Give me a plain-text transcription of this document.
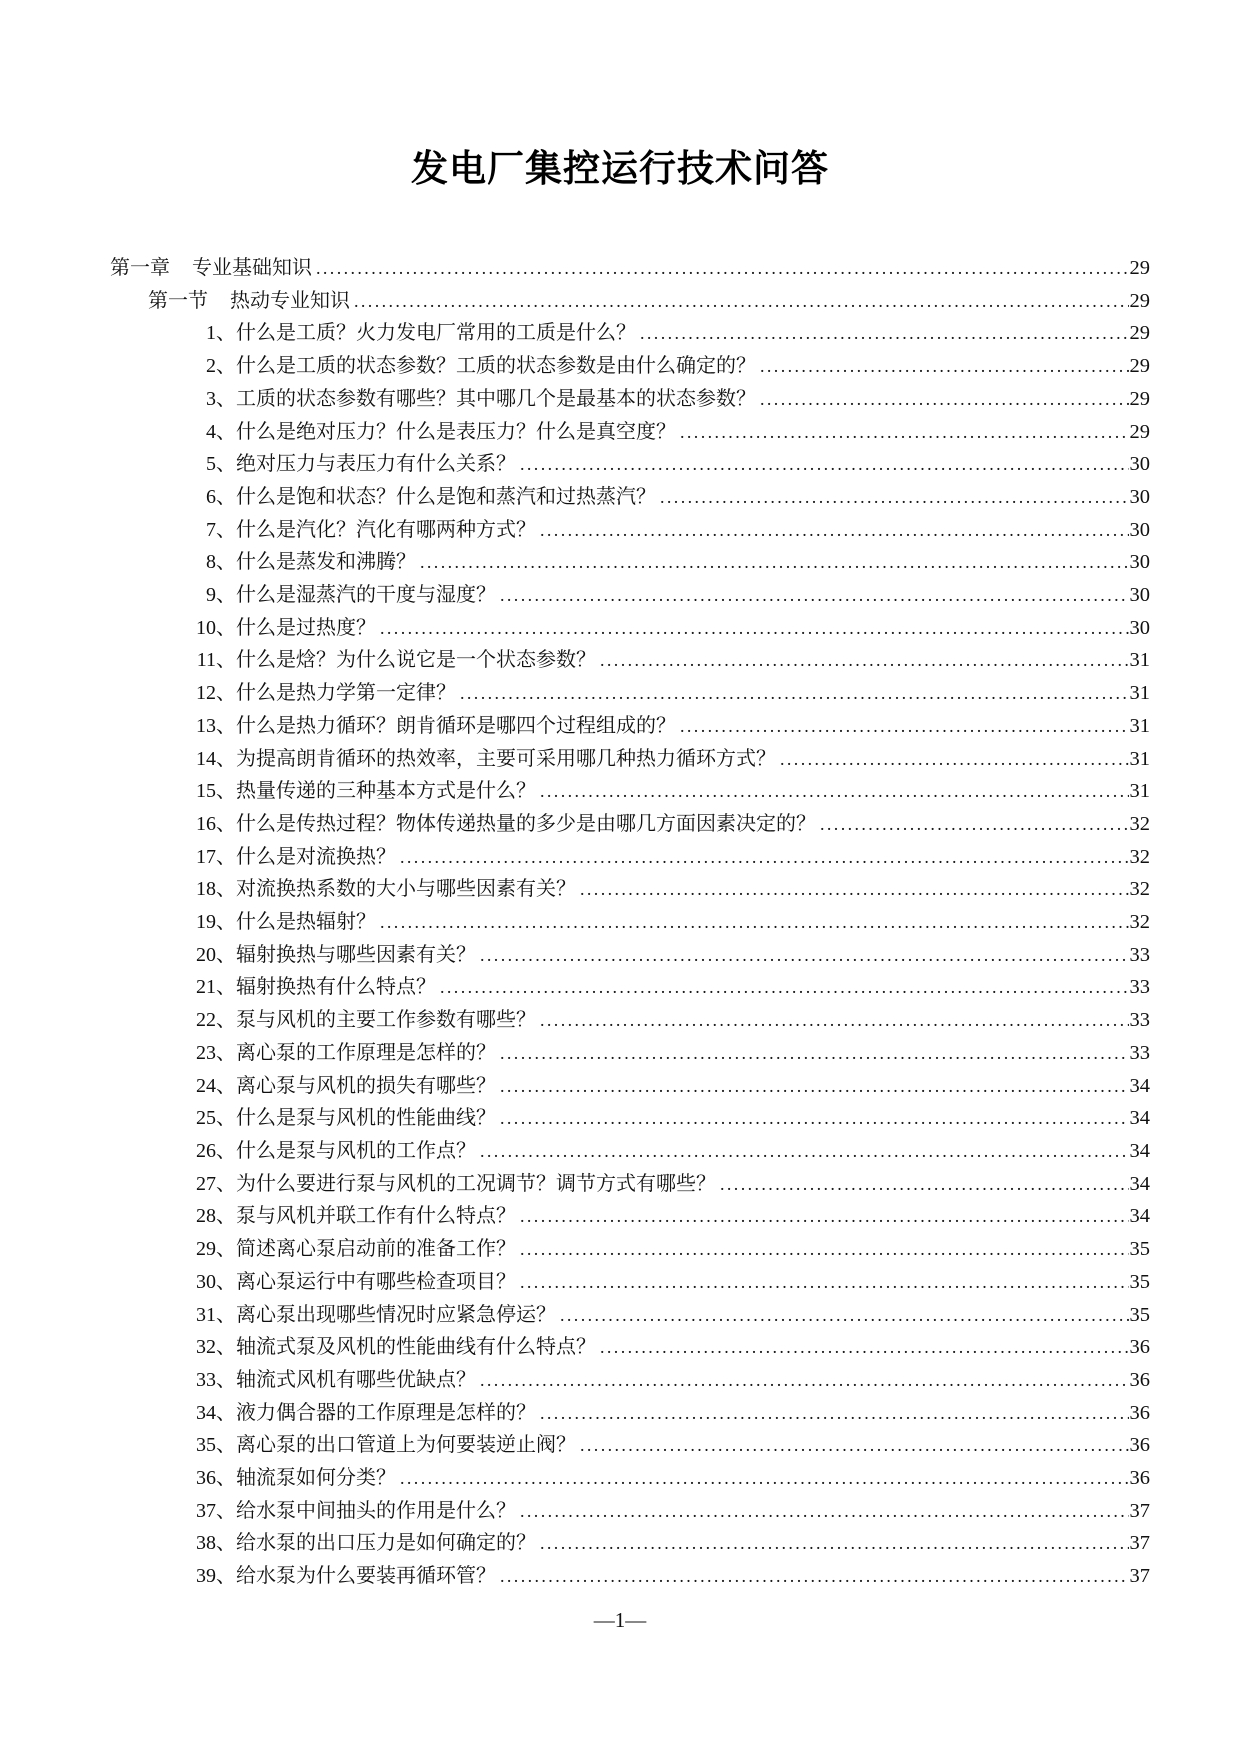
发电厂集控运行技术问答
第一章 专业基础知识 .....	29
第一节 热动专业知识 .....	29
1、 什么是工质？火力发电厂常用的工质是什么？ .....	29
2、 什么是工质的状态参数？工质的状态参数是由什么确定的？ .....	29
3、 工质的状态参数有哪些？其中哪几个是最基本的状态参数？ .....	29
4、 什么是绝对压力？什么是表压力？什么是真空度？ .....	29
5、 绝对压力与表压力有什么关系？ .....	30
6、 什么是饱和状态？什么是饱和蒸汽和过热蒸汽？ .....	30
7、 什么是汽化？汽化有哪两种方式？ .....	30
8、 什么是蒸发和沸腾？ .....	30
9、 什么是湿蒸汽的干度与湿度？ .....	30
10、 什么是过热度？ .....	30
11、 什么是焓？为什么说它是一个状态参数？ .....	31
12、 什么是热力学第一定律？ .....	31
13、 什么是热力循环？朗肯循环是哪四个过程组成的？ .....	31
14、 为提高朗肯循环的热效率，主要可采用哪几种热力循环方式？ .....	31
15、 热量传递的三种基本方式是什么？ .....	31
16、 什么是传热过程？物体传递热量的多少是由哪几方面因素决定的？ .....	32
17、 什么是对流换热？ .....	32
18、 对流换热系数的大小与哪些因素有关？ .....	32
19、 什么是热辐射？ .....	32
20、 辐射换热与哪些因素有关？ .....	33
21、 辐射换热有什么特点？ .....	33
22、 泵与风机的主要工作参数有哪些？ .....	33
23、 离心泵的工作原理是怎样的？ .....	33
24、 离心泵与风机的损失有哪些？ .....	34
25、 什么是泵与风机的性能曲线？ .....	34
26、 什么是泵与风机的工作点？ .....	34
27、 为什么要进行泵与风机的工况调节？调节方式有哪些？ .....	34
28、 泵与风机并联工作有什么特点？ .....	34
29、 简述离心泵启动前的准备工作？ .....	35
30、 离心泵运行中有哪些检查项目？ .....	35
31、 离心泵出现哪些情况时应紧急停运？ .....	35
32、 轴流式泵及风机的性能曲线有什么特点？ .....	36
33、 轴流式风机有哪些优缺点？ .....	36
34、 液力偶合器的工作原理是怎样的？ .....	36
35、 离心泵的出口管道上为何要装逆止阀？ .....	36
36、 轴流泵如何分类？ .....	36
37、 给水泵中间抽头的作用是什么？ .....	37
38、 给水泵的出口压力是如何确定的？ .....	37
39、 给水泵为什么要装再循环管？ .....	37
—1—
